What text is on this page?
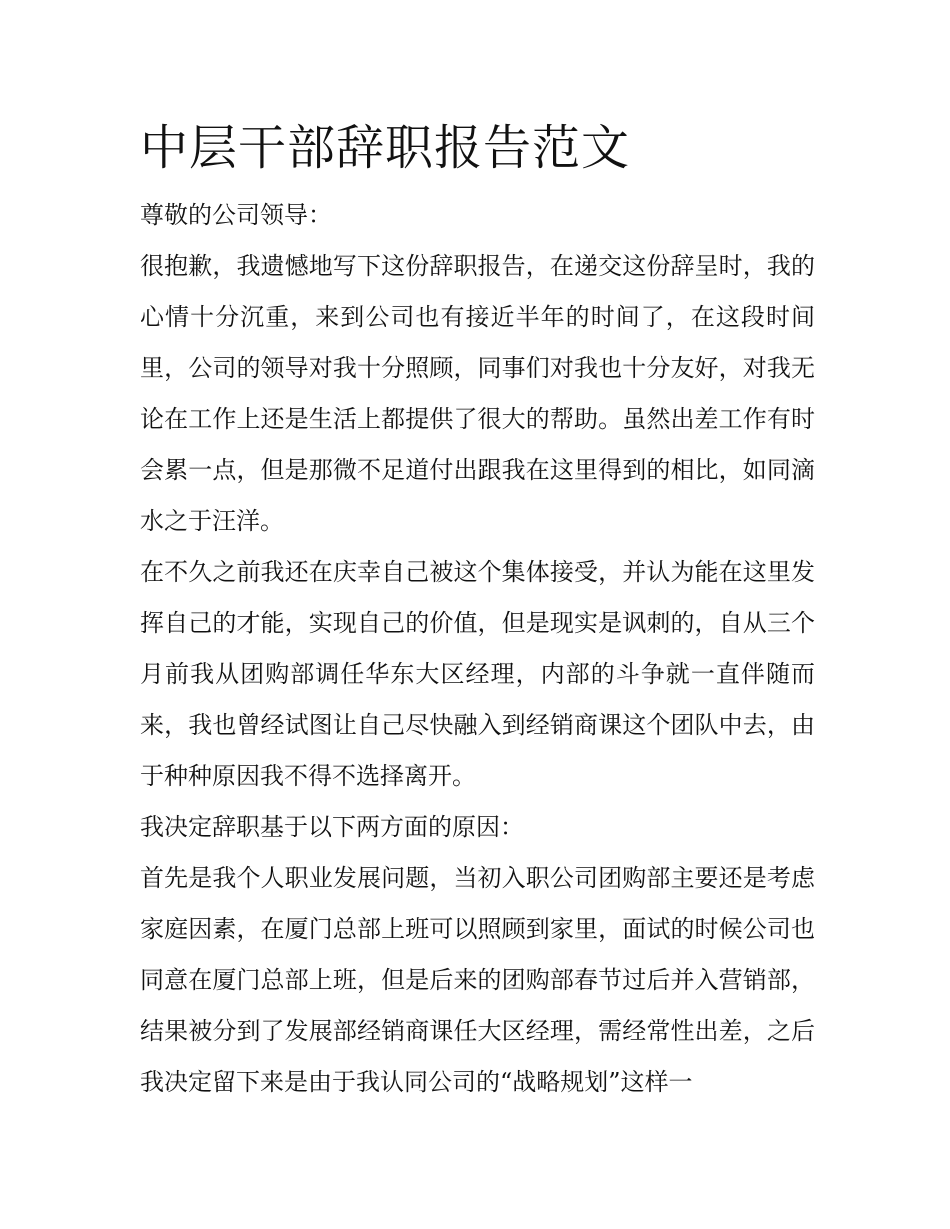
中层干部辞职报告范文

尊敬的公司领导：

很抱歉，我遗憾地写下这份辞职报告，在递交这份辞呈时，我的心情十分沉重，来到公司也有接近半年的时间了，在这段时间里，公司的领导对我十分照顾，同事们对我也十分友好，对我无论在工作上还是生活上都提供了很大的帮助。虽然出差工作有时会累一点，但是那微不足道付出跟我在这里得到的相比，如同滴水之于汪洋。

在不久之前我还在庆幸自己被这个集体接受，并认为能在这里发挥自己的才能，实现自己的价值，但是现实是讽刺的，自从三个月前我从团购部调任华东大区经理，内部的斗争就一直伴随而来，我也曾经试图让自己尽快融入到经销商课这个团队中去，由于种种原因我不得不选择离开。

我决定辞职基于以下两方面的原因：

首先是我个人职业发展问题，当初入职公司团购部主要还是考虑家庭因素，在厦门总部上班可以照顾到家里，面试的时候公司也同意在厦门总部上班，但是后来的团购部春节过后并入营销部，结果被分到了发展部经销商课任大区经理，需经常性出差，之后我决定留下来是由于我认同公司的“战略规划”这样一
